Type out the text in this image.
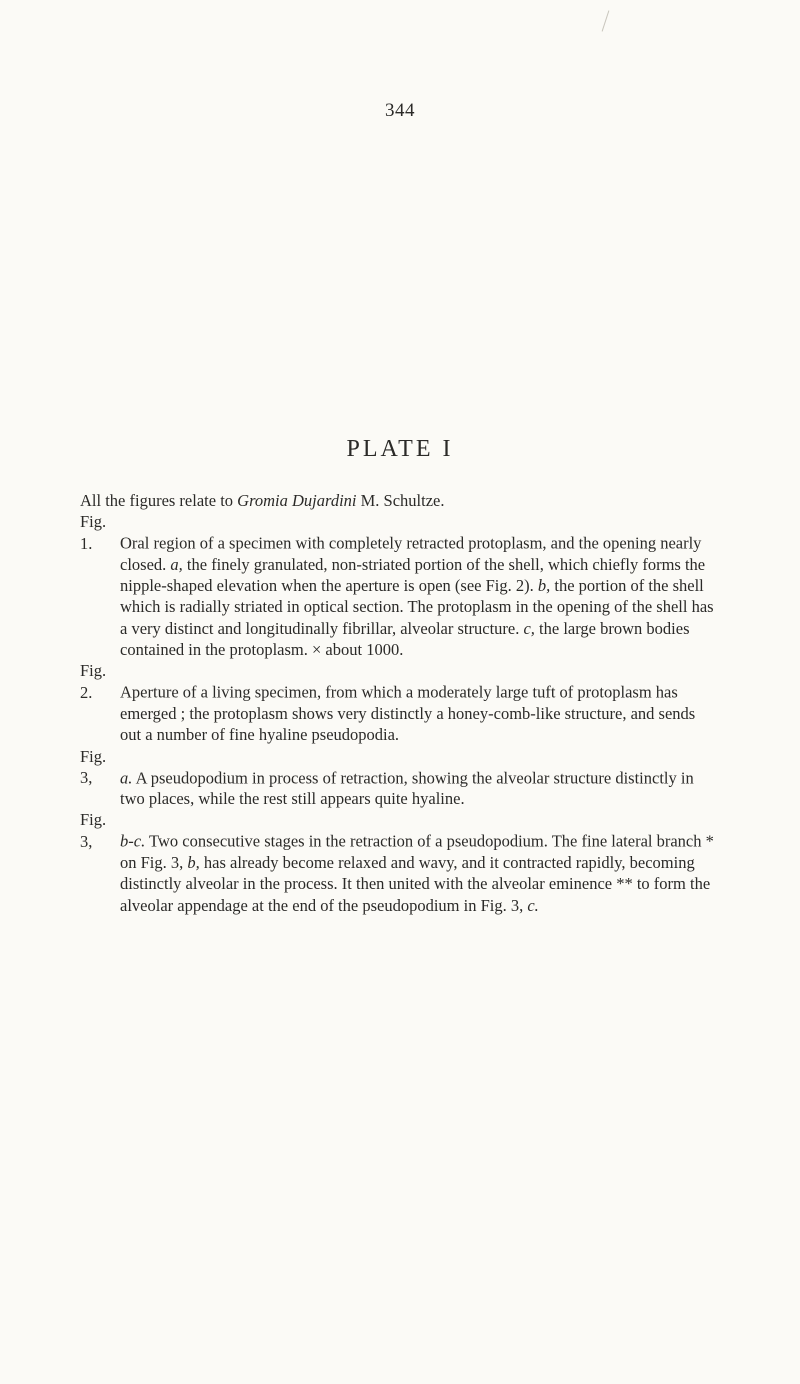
344
PLATE I

All the figures relate to Gromia Dujardini M. Schultze.

Fig. 1. Oral region of a specimen with completely retracted protoplasm, and the opening nearly closed. a, the finely granulated, non-striated portion of the shell, which chiefly forms the nipple-shaped elevation when the aperture is open (see Fig. 2). b, the portion of the shell which is radially striated in optical section. The protoplasm in the opening of the shell has a very distinct and longitudinally fibrillar, alveolar structure. c, the large brown bodies contained in the protoplasm. × about 1000.

Fig. 2. Aperture of a living specimen, from which a moderately large tuft of protoplasm has emerged ; the protoplasm shows very distinctly a honey-comb-like structure, and sends out a number of fine hyaline pseudopodia.

Fig. 3, a. A pseudopodium in process of retraction, showing the alveolar structure distinctly in two places, while the rest still appears quite hyaline.

Fig. 3, b-c. Two consecutive stages in the retraction of a pseudopodium. The fine lateral branch * on Fig. 3, b, has already become relaxed and wavy, and it contracted rapidly, becoming distinctly alveolar in the process. It then united with the alveolar eminence ** to form the alveolar appendage at the end of the pseudopodium in Fig. 3, c.
